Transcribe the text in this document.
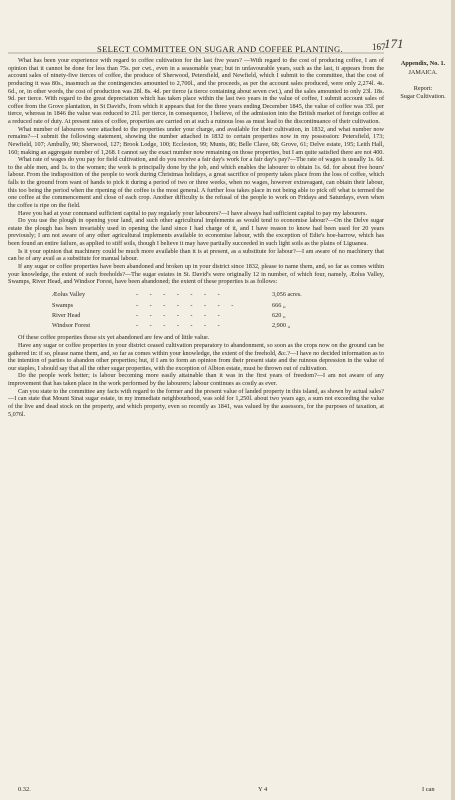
SELECT COMMITTEE ON SUGAR AND COFFEE PLANTING.	167
171
Appendix, No. 1.
JAMAICA.
Report:
Sugar Cultivation.

What has been your experience with regard to coffee cultivation for the last five years? —With regard to the cost of producing coffee, I am of opinion that it cannot be done for less than 75s. per cwt., even in a seasonable year; but in unfavourable years, such as the last, it appears from the account sales of ninety-five tierces of coffee, the produce of Sherwood, Petersfield, and Newfield, which I submit to the committee, that the cost of producing it was 80s., inasmuch as the contingencies amounted to 2,700l., and the proceeds, as per the account sales produced, were only 2,274l. 4s. 6d., or, in other words, the cost of production was 28l. 8s. 4d. per tierce (a tierce containing about seven cwt.), and the sales amounted to only 23l. 18s. 9d. per tierce. With regard to the great depreciation which has taken place within the last two years in the value of coffee, I submit account sales of coffee from the Grove plantation, in St David's, from which it appears that for the three years ending December 1845, the value of coffee was 35l. per tierce, whereas in 1846 the value was reduced to 21l. per tierce, in consequence, I believe, of the admission into the British market of foreign coffee at a reduced rate of duty. At present rates of coffee, properties are carried on at such a ruinous loss as must lead to the discontinuance of their cultivation.

What number of labourers were attached to the properties under your charge, and available for their cultivation, in 1832, and what number now remains?—I submit the following statement, showing the number attached in 1832 to certain properties now in my possession: Petersfield, 173; Newfield, 107; Ambully, 90; Sherwood, 127; Brook Lodge, 100; Eccleston, 99; Munts, 86; Belle Clave, 68; Grove, 61; Delve estate, 195; Leith Hall, 160; making an aggregate number of 1,268. I cannot say the exact number now remaining on those properties, but I am quite satisfied there are not 400.

What rate of wages do you pay for field cultivation, and do you receive a fair day's work for a fair day's pay?—The rate of wages is usually 1s. 6d. to the able men, and 1s. to the women; the work is principally done by the job, and which enables the labourer to obtain 1s. 6d. for about five hours' labour. From the indisposition of the people to work during Christmas holidays, a great sacrifice of property takes place from the loss of coffee, which falls to the ground from want of hands to pick it during a period of two or three weeks, when no wages, however extravagant, can obtain their labour, this too being the period when the ripening of the coffee is the most general. A further loss takes place in not being able to pick off what is termed the one coffee at the commencement and close of each crop. Another difficulty is the refusal of the people to work on Fridays and Saturdays, even when the coffee is ripe on the field.

Have you had at your command sufficient capital to pay regularly your labourers?—I have always had sufficient capital to pay my labourers.

Do you use the plough in opening your land, and such other agricultural implements as would tend to economise labour?—On the Delve sugar estate the plough has been invariably used in opening the land since I had charge of it, and I have reason to know had been used for 20 years previously; I am not aware of any other agricultural implements available to economise labour, with the exception of Edie's hoe-harrow, which has been found an entire failure, as applied to stiff soils, though I believe it may have partially succeeded in such light soils as the plains of Liguanea.

Is it your opinion that machinery could be much more available than it is at present, as a substitute for labour?—I am aware of no machinery that can be of any avail as a substitute for manual labour.

If any sugar or coffee properties have been abandoned and broken up in your district since 1832, please to name them, and, so far as comes within your knowledge, the extent of such freeholds?—The sugar estates in St. David's were originally 12 in number, of which four, namely, Æolus Valley, Swamps, River Head, and Windsor Forest, have been abandoned; the extent of these properties is as follows:

Æolus Valley	- - - - - - -	3,056 acres.
Swamps	- - - - - - - -	666 „
River Head	- - - - - - -	620 „
Windsor Forest	- - - - - - -	2,900 „

Of these coffee properties those six yet abandoned are few and of little value.

Have any sugar or coffee properties in your district ceased cultivation preparatory to abandonment, so soon as the crops now on the ground can be gathered in: if so, please name them, and, so far as comes within your knowledge, the extent of the freehold, &c.?—I have no decided information as to the intention of parties to abandon other properties; but, if I am to form an opinion from their present state and the ruinous depression in the value of our staples, I should say that all the other sugar properties, with the exception of Albion estate, must be thrown out of cultivation.

Do the people work better; is labour becoming more easily attainable than it was in the first years of freedom?—I am not aware of any improvement that has taken place in the work performed by the labourers; labour continues as costly as ever.

Can you state to the committee any facts with regard to the former and the present value of landed property in this island, as shown by actual sales?—I can state that Mount Sinai sugar estate, in my immediate neighbourhood, was sold for 1,250l. about two years ago, a sum not exceeding the value of the live and dead stock on the property, and which property, even so recently as 1841, was valued by the assessors, for the purposes of taxation, at 5,076l.

0.32.	Y 4	I can
